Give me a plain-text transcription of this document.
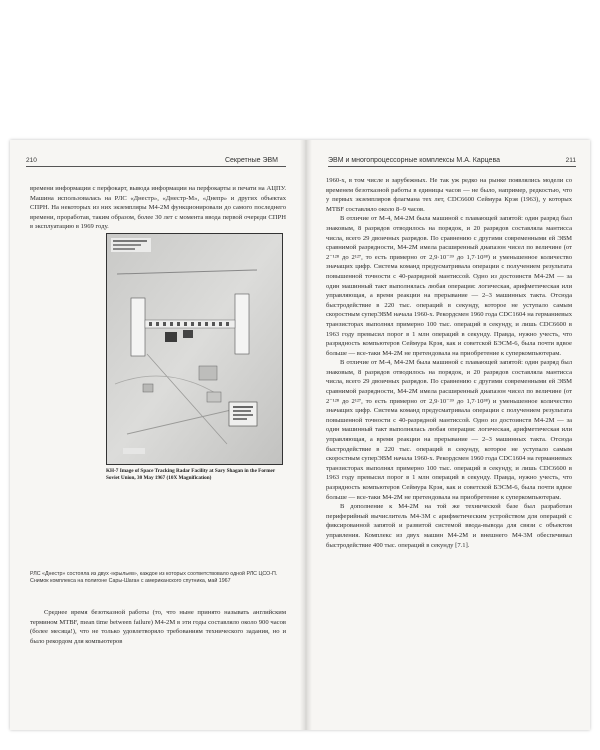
210	Секретные ЭВМ

времени информации с перфокарт, вывода информации на перфокарты и печати на АЦПУ. Машина использовалась на РЛС «Днестр», «Днестр-М», «Днепр» и других объектах СПРН. На некоторых из них экземпляры М4-2М функционировали до самого последнего времени, проработав, таким образом, более 30 лет с момента ввода первой очереди СПРН в эксплуатацию в 1969 году.

KH-7 Image of Space Tracking Radar Facility at Sary Shagan in the Former Soviet Union, 30 May 1967 (10X Magnification)
РЛС «Днестр» состояла из двух «крыльев», каждое из которых соответствовало одной РЛС ЦСО-П. Снимок комплекса на полигоне Сары-Шаган с американского спутника, май 1967

Среднее время безотказной работы (то, что ныне принято называть английским термином MTBF, mean time between failure) М4-2М в эти годы составляло около 900 часов (более месяца!), что не только удовлетворяло требованиям технического задания, но и было рекордом для компьютеров

ЭВМ и многопроцессорные комплексы М.А. Карцева	211

1960-х, в том числе и зарубежных. Не так уж редко на рынке появлялись модели со временем безотказной работы в единицы часов — не было, например, редкостью, что у первых экземпляров флагмана тех лет, CDC6600 Сеймура Крэя (1963), у которых MTBF составляло около 8–9 часов.

В отличие от М-4, М4-2М была машиной с плавающей запятой: один разряд был знаковым, 8 разрядов отводилось на порядок, и 20 разрядов составляла мантисса числа, всего 29 двоичных разрядов. По сравнению с другими современными ей ЭВМ сравнимой разрядности, М4-2М имела расширенный диапазон чисел по величине (от 2⁻¹²⁸ до 2¹²⁷, то есть примерно от 2,9·10⁻³⁹ до 1,7·10³⁸) и уменьшенное количество значащих цифр. Система команд предусматривала операции с получением результата повышенной точности с 40-разрядной мантиссой. Одно из достоинств М4-2М — за один машинный такт выполнялась любая операция: логическая, арифметическая или управляющая, а время реакции на прерывание — 2–3 машинных такта. Отсюда быстродействие в 220 тыс. операций в секунду, которое не уступало самым скоростным суперЭВМ начала 1960-х. Рекордсмен 1960 года CDC1604 на германиевых транзисторах выполнял примерно 100 тыс. операций в секунду, и лишь CDC6600 в 1963 году превысил порог в 1 млн операций в секунду. Правда, нужно учесть, что разрядность компьютеров Сеймура Крэя, как и советской БЭСМ-6, была почти вдвое больше — все-таки М4-2М не претендовала на приобретение к суперкомпьютерам.

В отличие от М-4, М4-2М была машиной с плавающей запятой: один разряд был знаковым, 8 разрядов отводилось на порядок, и 20 разрядов составляла мантисса числа, всего 29 двоичных разрядов. По сравнению с другими современными ей ЭВМ сравнимой разрядности, М4-2М имела расширенный диапазон чисел по величине (от 2⁻¹²⁸ до 2¹²⁷, то есть примерно от 2,9·10⁻³⁹ до 1,7·10³⁸) и уменьшенное количество значащих цифр. Система команд предусматривала операции с получением результата повышенной точности с 40-разрядной мантиссой. Одно из достоинств М4-2М — за один машинный такт выполнялась любая операция: логическая, арифметическая или управляющая, а время реакции на прерывание — 2–3 машинных такта. Отсюда быстродействие в 220 тыс. операций в секунду, которое не уступало самым скоростным суперЭВМ начала 1960-х. Рекордсмен 1960 года CDC1604 на германиевых транзисторах выполнял примерно 100 тыс. операций в секунду, и лишь CDC6600 в 1963 году превысил порог в 1 млн операций в секунду. Правда, нужно учесть, что разрядность компьютеров Сеймура Крэя, как и советской БЭСМ-6, была почти вдвое больше — все-таки М4-2М не претендовала на приобретение к суперкомпьютерам.

В дополнение к М4-2М на той же технической базе был разработан периферийный вычислитель М4-3М с арифметическим устройством для операций с фиксированной запятой и развитой системой ввода-вывода для связи с объектом управления. Комплекс из двух машин М4-2М и внешнего М4-3М обеспечивал быстродействие 400 тыс. операций в секунду [7.1].
